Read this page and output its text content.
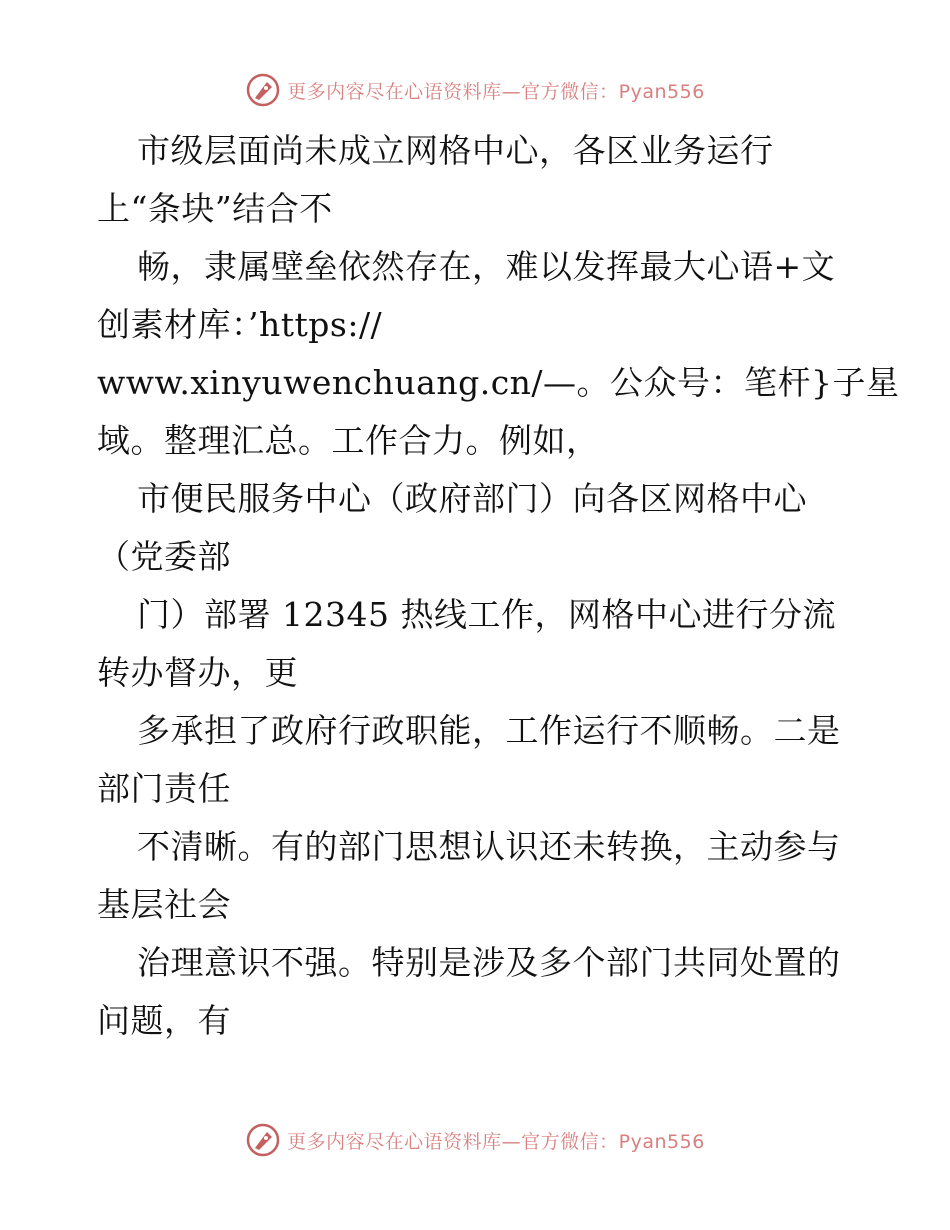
更多内容尽在心语资料库—官方微信：Pyan556
市级层面尚未成立网格中心，各区业务运行
上“条块”结合不
畅，隶属壁垒依然存在，难以发挥最大心语+文
创素材库：’https://
www.xinyuwenchuang.cn/—。公众号：笔杆}子星
域。整理汇总。工作合力。例如，
市便民服务中心（政府部门）向各区网格中心
（党委部
门）部署 12345 热线工作，网格中心进行分流
转办督办，更
多承担了政府行政职能，工作运行不顺畅。二是
部门责任
不清晰。有的部门思想认识还未转换，主动参与
基层社会
治理意识不强。特别是涉及多个部门共同处置的
问题，有
更多内容尽在心语资料库—官方微信：Pyan556
